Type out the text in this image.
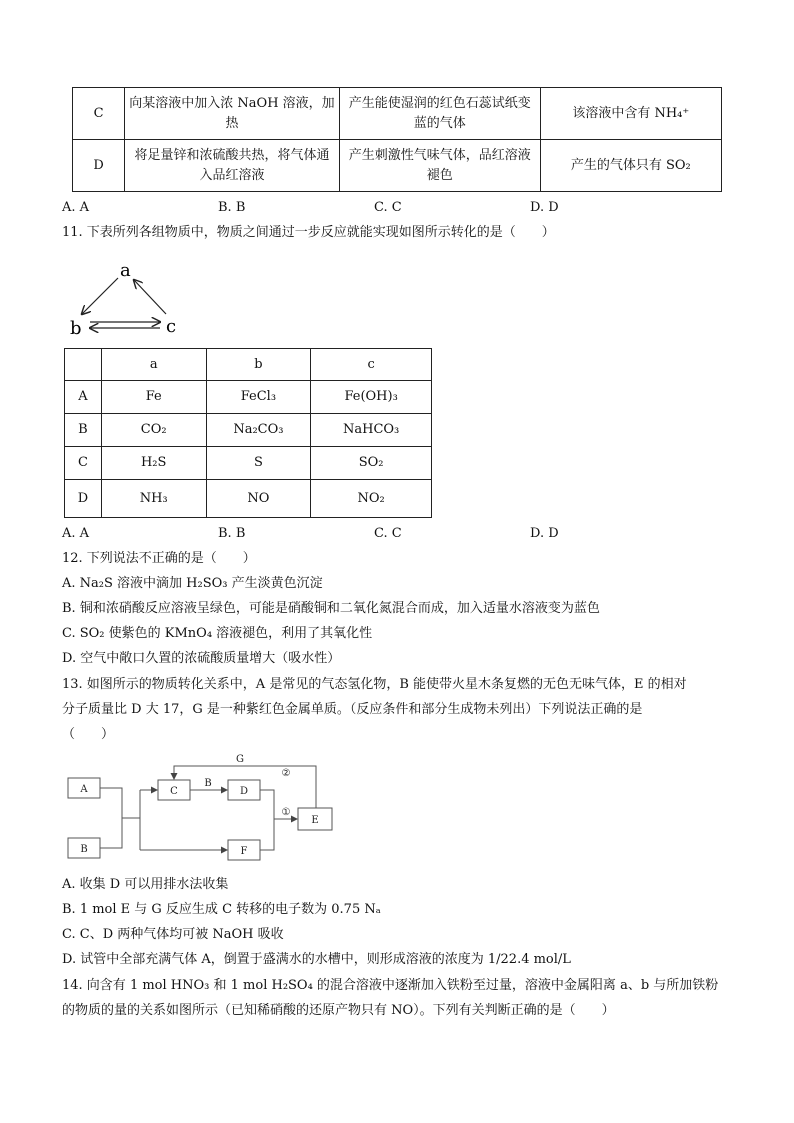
C	向某溶液中加入浓 NaOH 溶液，加热	产生能使湿润的红色石蕊试纸变蓝的气体	该溶液中含有 NH₄⁺
D	将足量锌和浓硫酸共热，将气体通入品红溶液	产生刺激性气味气体，品红溶液褪色	产生的气体只有 SO₂
A. A	B. B	C. C	D. D
11. 下表所列各组物质中，物质之间通过一步反应就能实现如图所示转化的是（　　）
a
b	c
	a	b	c
A	Fe	FeCl₃	Fe(OH)₃
B	CO₂	Na₂CO₃	NaHCO₃
C	H₂S	S	SO₂
D	NH₃	NO	NO₂
A. A	B. B	C. C	D. D
12. 下列说法不正确的是（　　）
A. Na₂S 溶液中滴加 H₂SO₃ 产生淡黄色沉淀
B. 铜和浓硝酸反应溶液呈绿色，可能是硝酸铜和二氧化氮混合而成，加入适量水溶液变为蓝色
C. SO₂ 使紫色的 KMnO₄ 溶液褪色，利用了其氧化性
D. 空气中敞口久置的浓硫酸质量增大（吸水性）
13. 如图所示的物质转化关系中，A 是常见的气态氢化物，B 能使带火星木条复燃的无色无味气体，E 的相对
分子质量比 D 大 17，G 是一种紫红色金属单质。（反应条件和部分生成物未列出）下列说法正确的是
（　　）
A
B
C	D
F
E
B
G
②
①
A. 收集 D 可以用排水法收集
B. 1 mol E 与 G 反应生成 C 转移的电子数为 0.75 Nₐ
C. C、D 两种气体均可被 NaOH 吸收
D. 试管中全部充满气体 A，倒置于盛满水的水槽中，则形成溶液的浓度为 1/22.4 mol/L
14. 向含有 1 mol HNO₃ 和 1 mol H₂SO₄ 的混合溶液中逐渐加入铁粉至过量，溶液中金属阳离 a、b 与所加铁粉
的物质的量的关系如图所示（已知稀硝酸的还原产物只有 NO）。下列有关判断正确的是（　　）
